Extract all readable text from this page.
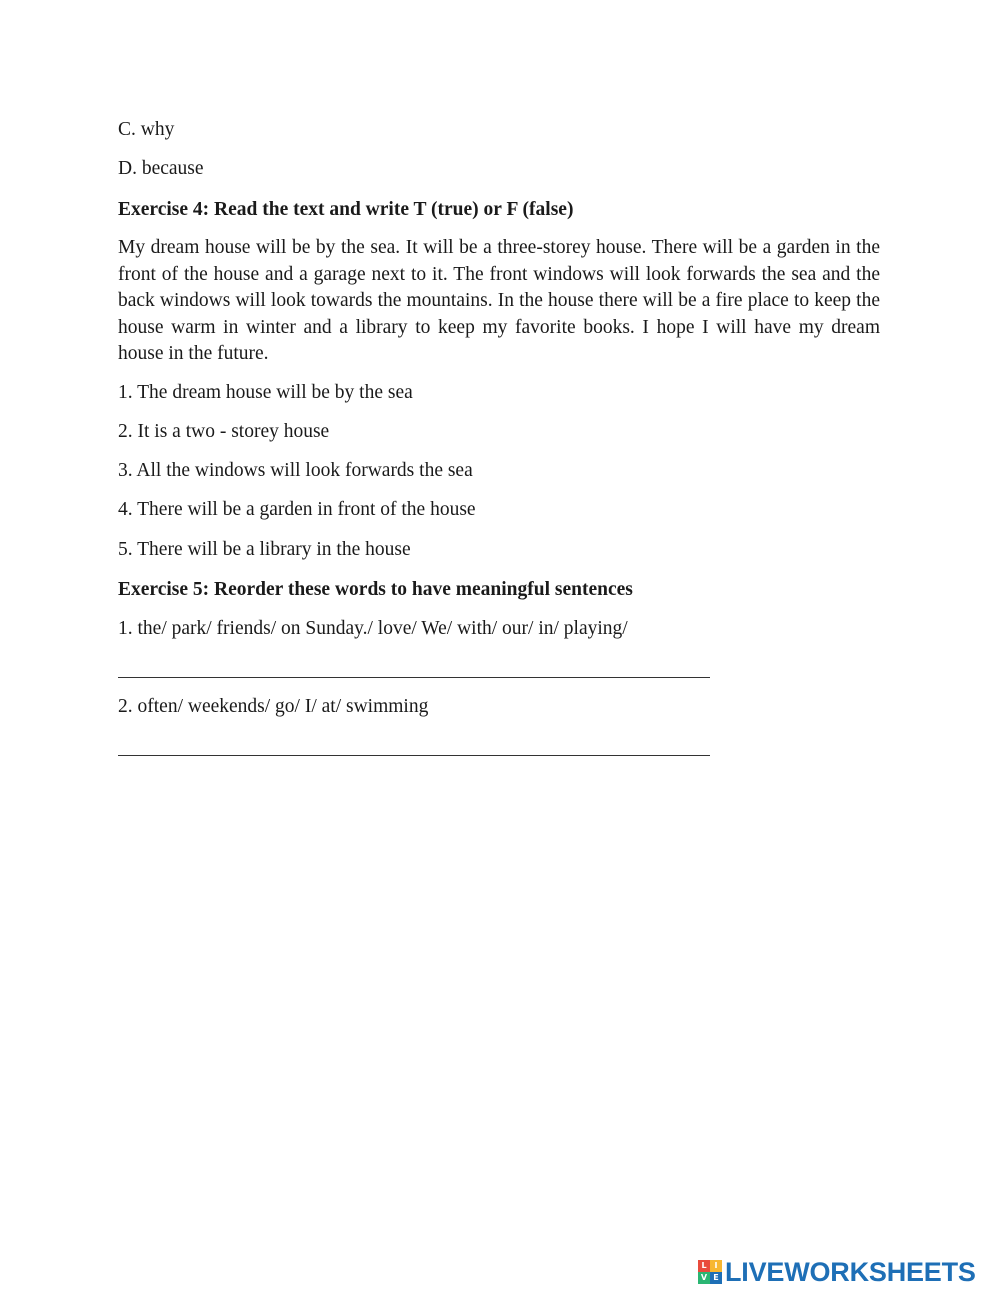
C. why
D. because
Exercise 4: Read the text and write T (true) or F (false)
My dream house will be by the sea. It will be a three-storey house. There will be a garden in the front of the house and a garage next to it. The front windows will look forwards the sea and the back windows will look towards the mountains. In the house there will be a fire place to keep the house warm in winter and a library to keep my favorite books. I hope I will have my dream house in the future.
1. The dream house will be by the sea
2. It is a two - storey house
3. All the windows will look forwards the sea
4. There will be a garden in front of the house
5. There will be a library in the house
Exercise 5: Reorder these words to have meaningful sentences
1. the/ park/ friends/ on Sunday./ love/ We/ with/ our/ in/ playing/
2. often/ weekends/ go/ I/ at/ swimming
L I
V E LIVEWORKSHEETS
